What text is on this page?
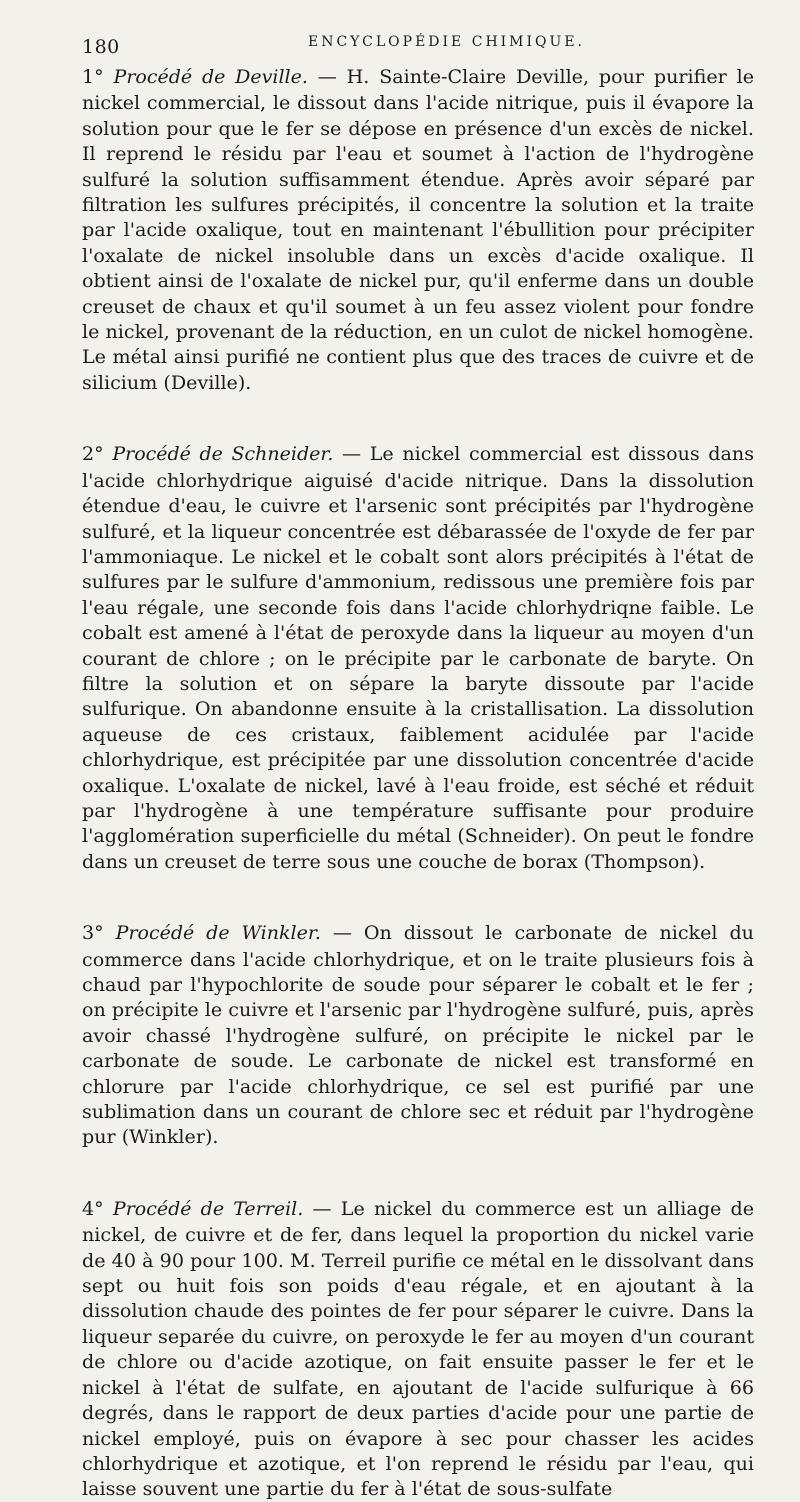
180	ENCYCLOPÉDIE CHIMIQUE.

1° Procédé de Deville. — H. Sainte-Claire Deville, pour purifier le nickel commercial, le dissout dans l'acide nitrique, puis il évapore la solution pour que le fer se dépose en présence d'un excès de nickel. Il reprend le résidu par l'eau et soumet à l'action de l'hydrogène sulfuré la solution suffisamment étendue. Après avoir séparé par filtration les sulfures précipités, il concentre la solution et la traite par l'acide oxalique, tout en maintenant l'ébullition pour précipiter l'oxalate de nickel insoluble dans un excès d'acide oxalique. Il obtient ainsi de l'oxalate de nickel pur, qu'il enferme dans un double creuset de chaux et qu'il soumet à un feu assez violent pour fondre le nickel, provenant de la réduction, en un culot de nickel homogène. Le métal ainsi purifié ne contient plus que des traces de cuivre et de silicium (Deville).

2° Procédé de Schneider. — Le nickel commercial est dissous dans l'acide chlorhydrique aiguisé d'acide nitrique. Dans la dissolution étendue d'eau, le cuivre et l'arsenic sont précipités par l'hydrogène sulfuré, et la liqueur concentrée est débarassée de l'oxyde de fer par l'ammoniaque. Le nickel et le cobalt sont alors précipités à l'état de sulfures par le sulfure d'ammonium, redissous une première fois par l'eau régale, une seconde fois dans l'acide chlorhydriqne faible. Le cobalt est amené à l'état de peroxyde dans la liqueur au moyen d'un courant de chlore ; on le précipite par le carbonate de baryte. On filtre la solution et on sépare la baryte dissoute par l'acide sulfurique. On abandonne ensuite à la cristallisation. La dissolution aqueuse de ces cristaux, faiblement acidulée par l'acide chlorhydrique, est précipitée par une dissolution concentrée d'acide oxalique. L'oxalate de nickel, lavé à l'eau froide, est séché et réduit par l'hydrogène à une température suffisante pour produire l'agglomération superficielle du métal (Schneider). On peut le fondre dans un creuset de terre sous une couche de borax (Thompson).

3° Procédé de Winkler. — On dissout le carbonate de nickel du commerce dans l'acide chlorhydrique, et on le traite plusieurs fois à chaud par l'hypochlorite de soude pour séparer le cobalt et le fer ; on précipite le cuivre et l'arsenic par l'hydrogène sulfuré, puis, après avoir chassé l'hydrogène sulfuré, on précipite le nickel par le carbonate de soude. Le carbonate de nickel est transformé en chlorure par l'acide chlorhydrique, ce sel est purifié par une sublimation dans un courant de chlore sec et réduit par l'hydrogène pur (Winkler).

4° Procédé de Terreil. — Le nickel du commerce est un alliage de nickel, de cuivre et de fer, dans lequel la proportion du nickel varie de 40 à 90 pour 100. M. Terreil purifie ce métal en le dissolvant dans sept ou huit fois son poids d'eau régale, et en ajoutant à la dissolution chaude des pointes de fer pour séparer le cuivre. Dans la liqueur separée du cuivre, on peroxyde le fer au moyen d'un courant de chlore ou d'acide azotique, on fait ensuite passer le fer et le nickel à l'état de sulfate, en ajoutant de l'acide sulfurique à 66 degrés, dans le rapport de deux parties d'acide pour une partie de nickel employé, puis on évapore à sec pour chasser les acides chlorhydrique et azotique, et l'on reprend le résidu par l'eau, qui laisse souvent une partie du fer à l'état de sous-sulfate
